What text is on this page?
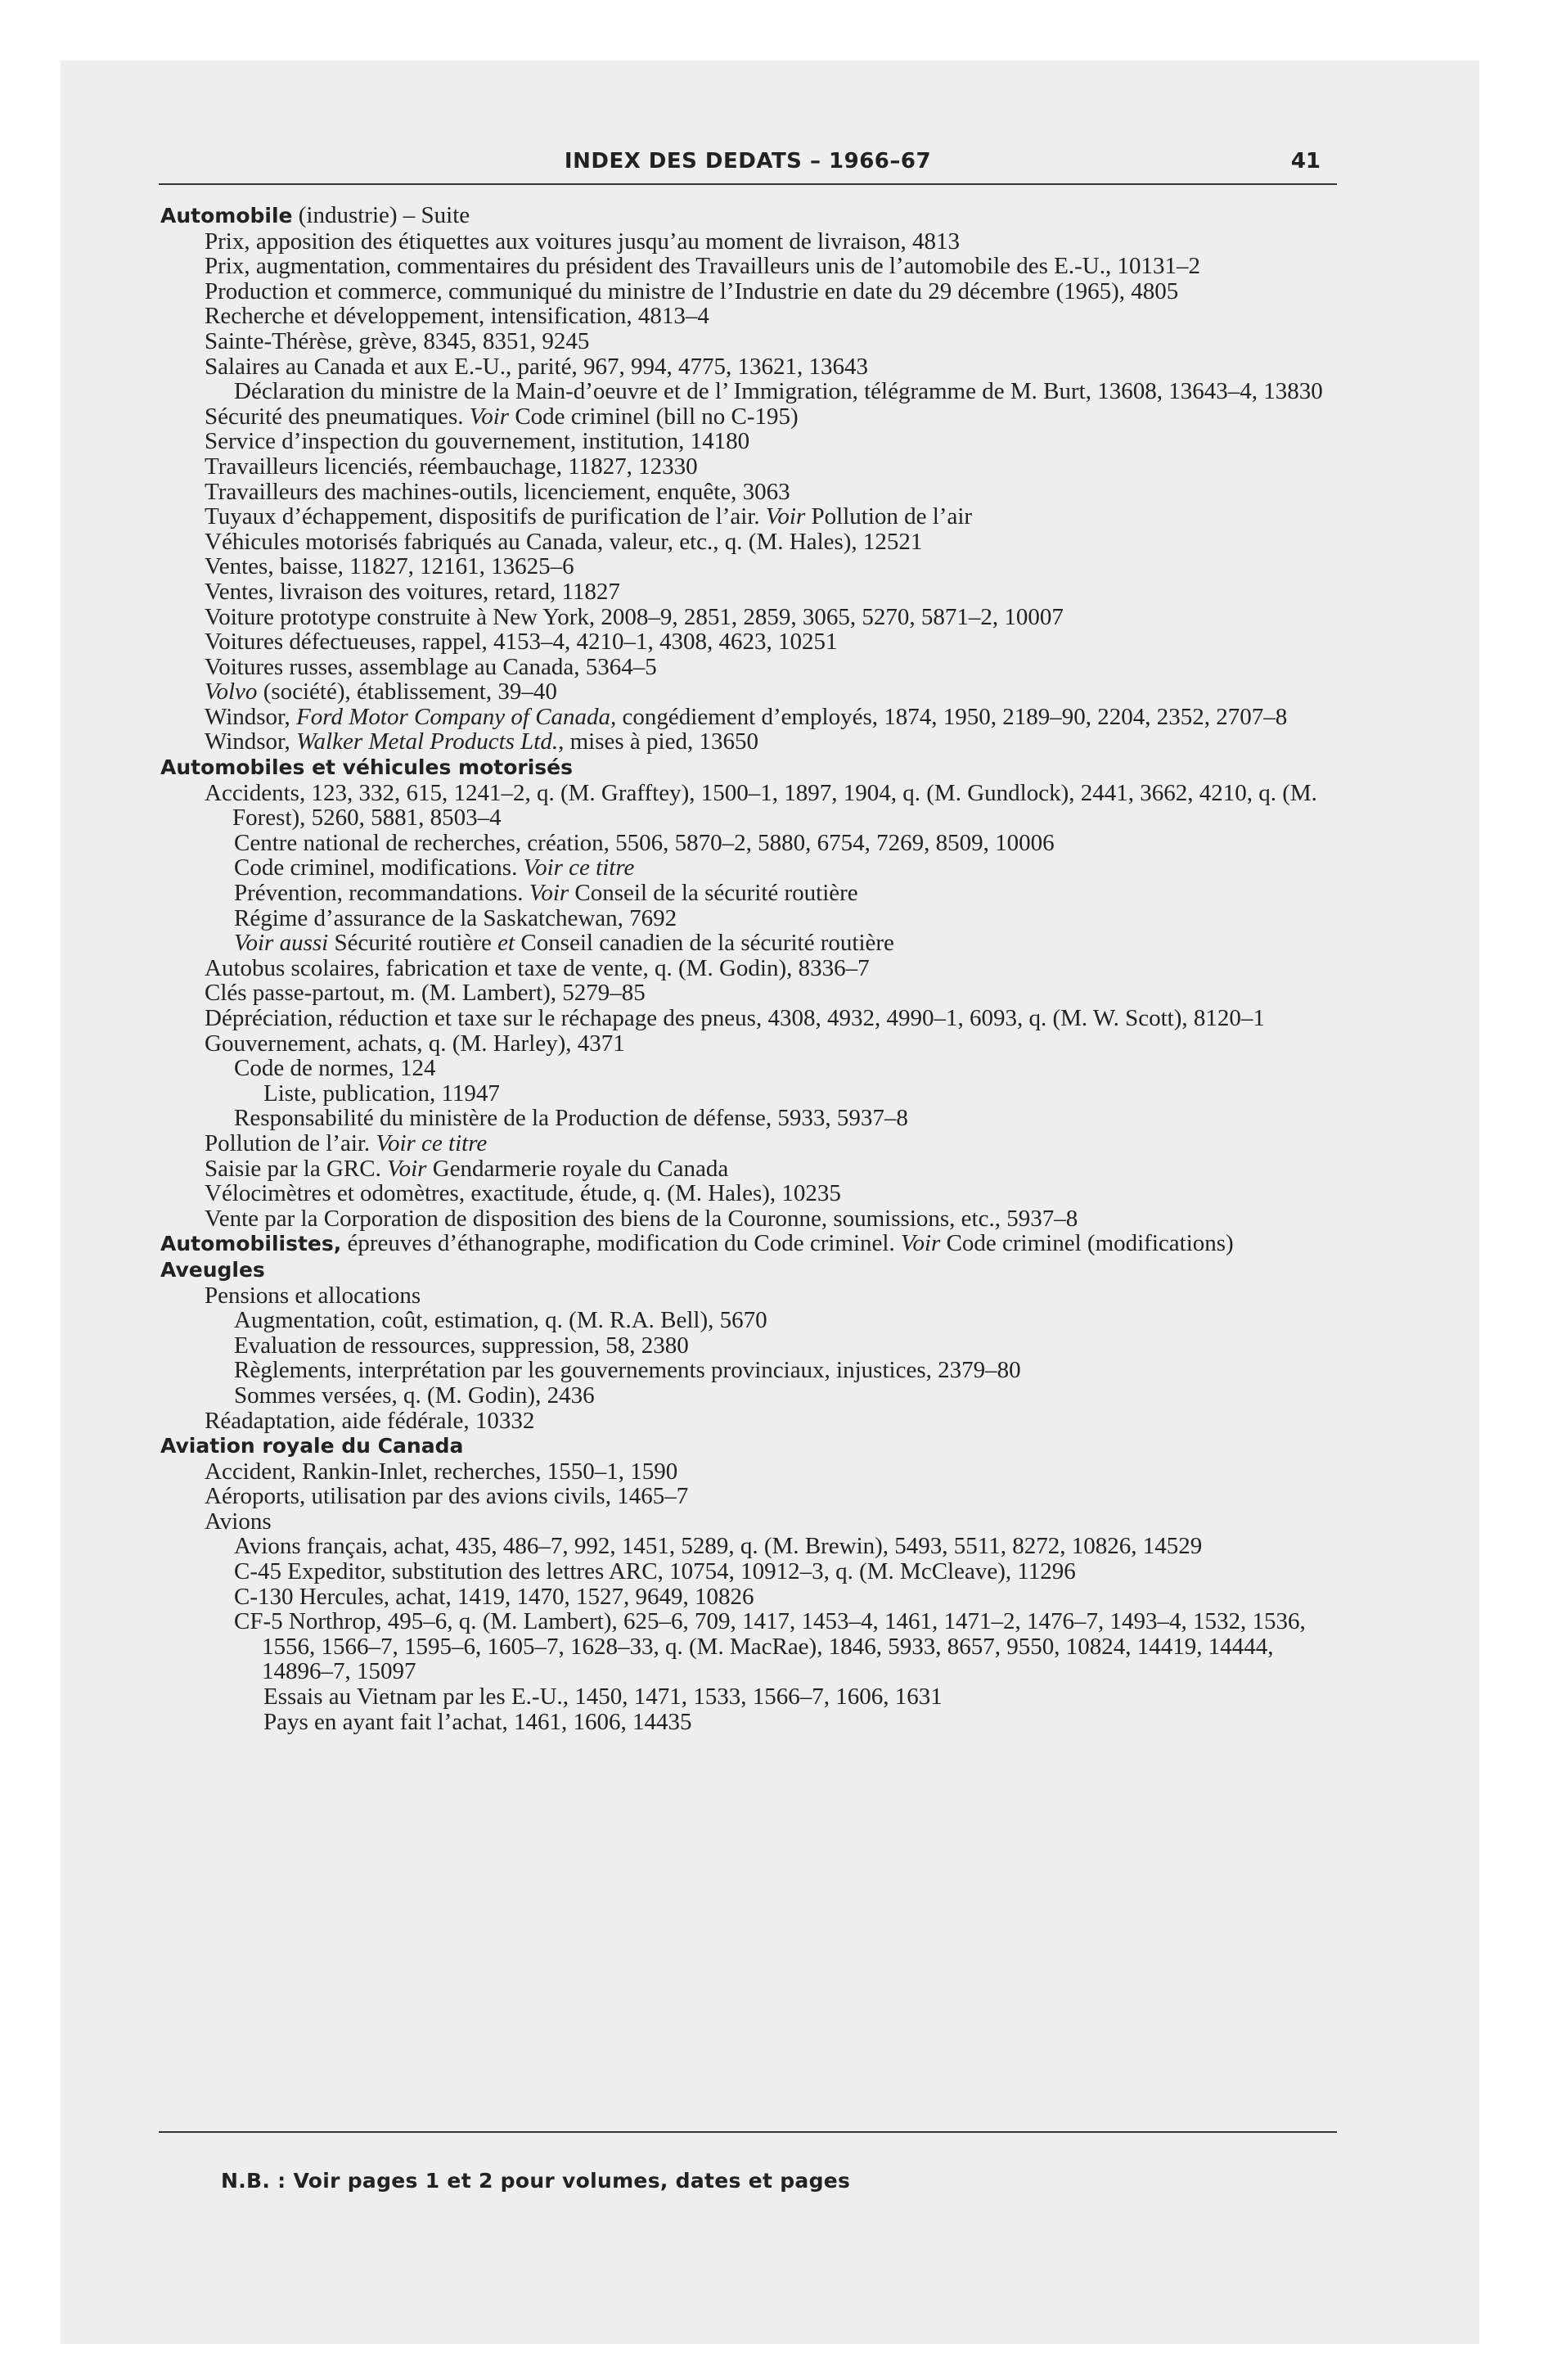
INDEX DES DEDATS – 1966–67	41
Automobile (industrie) – Suite
Prix, apposition des étiquettes aux voitures jusqu’au moment de livraison, 4813
Prix, augmentation, commentaires du président des Travailleurs unis de l’automobile des E.-U., 10131–2
Production et commerce, communiqué du ministre de l’Industrie en date du 29 décembre (1965), 4805
Recherche et développement, intensification, 4813–4
Sainte-Thérèse, grève, 8345, 8351, 9245
Salaires au Canada et aux E.-U., parité, 967, 994, 4775, 13621, 13643
Déclaration du ministre de la Main-d’oeuvre et de l’ Immigration, télégramme de M. Burt, 13608, 13643–4, 13830
Sécurité des pneumatiques. Voir Code criminel (bill no C-195)
Service d’inspection du gouvernement, institution, 14180
Travailleurs licenciés, réembauchage, 11827, 12330
Travailleurs des machines-outils, licenciement, enquête, 3063
Tuyaux d’échappement, dispositifs de purification de l’air. Voir Pollution de l’air
Véhicules motorisés fabriqués au Canada, valeur, etc., q. (M. Hales), 12521
Ventes, baisse, 11827, 12161, 13625–6
Ventes, livraison des voitures, retard, 11827
Voiture prototype construite à New York, 2008–9, 2851, 2859, 3065, 5270, 5871–2, 10007
Voitures défectueuses, rappel, 4153–4, 4210–1, 4308, 4623, 10251
Voitures russes, assemblage au Canada, 5364–5
Volvo (société), établissement, 39–40
Windsor, Ford Motor Company of Canada, congédiement d’employés, 1874, 1950, 2189–90, 2204, 2352, 2707–8
Windsor, Walker Metal Products Ltd., mises à pied, 13650
Automobiles et véhicules motorisés
Accidents, 123, 332, 615, 1241–2, q. (M. Grafftey), 1500–1, 1897, 1904, q. (M. Gundlock), 2441, 3662, 4210, q. (M. Forest), 5260, 5881, 8503–4
Centre national de recherches, création, 5506, 5870–2, 5880, 6754, 7269, 8509, 10006
Code criminel, modifications. Voir ce titre
Prévention, recommandations. Voir Conseil de la sécurité routière
Régime d’assurance de la Saskatchewan, 7692
Voir aussi Sécurité routière et Conseil canadien de la sécurité routière
Autobus scolaires, fabrication et taxe de vente, q. (M. Godin), 8336–7
Clés passe-partout, m. (M. Lambert), 5279–85
Dépréciation, réduction et taxe sur le réchapage des pneus, 4308, 4932, 4990–1, 6093, q. (M. W. Scott), 8120–1
Gouvernement, achats, q. (M. Harley), 4371
Code de normes, 124
Liste, publication, 11947
Responsabilité du ministère de la Production de défense, 5933, 5937–8
Pollution de l’air. Voir ce titre
Saisie par la GRC. Voir Gendarmerie royale du Canada
Vélocimètres et odomètres, exactitude, étude, q. (M. Hales), 10235
Vente par la Corporation de disposition des biens de la Couronne, soumissions, etc., 5937–8
Automobilistes, épreuves d’éthanographe, modification du Code criminel. Voir Code criminel (modifications)
Aveugles
Pensions et allocations
Augmentation, coût, estimation, q. (M. R.A. Bell), 5670
Evaluation de ressources, suppression, 58, 2380
Règlements, interprétation par les gouvernements provinciaux, injustices, 2379–80
Sommes versées, q. (M. Godin), 2436
Réadaptation, aide fédérale, 10332
Aviation royale du Canada
Accident, Rankin-Inlet, recherches, 1550–1, 1590
Aéroports, utilisation par des avions civils, 1465–7
Avions
Avions français, achat, 435, 486–7, 992, 1451, 5289, q. (M. Brewin), 5493, 5511, 8272, 10826, 14529
C-45 Expeditor, substitution des lettres ARC, 10754, 10912–3, q. (M. McCleave), 11296
C-130 Hercules, achat, 1419, 1470, 1527, 9649, 10826
CF-5 Northrop, 495–6, q. (M. Lambert), 625–6, 709, 1417, 1453–4, 1461, 1471–2, 1476–7, 1493–4, 1532, 1536, 1556, 1566–7, 1595–6, 1605–7, 1628–33, q. (M. MacRae), 1846, 5933, 8657, 9550, 10824, 14419, 14444, 14896–7, 15097
Essais au Vietnam par les E.-U., 1450, 1471, 1533, 1566–7, 1606, 1631
Pays en ayant fait l’achat, 1461, 1606, 14435
N.B. : Voir pages 1 et 2 pour volumes, dates et pages
